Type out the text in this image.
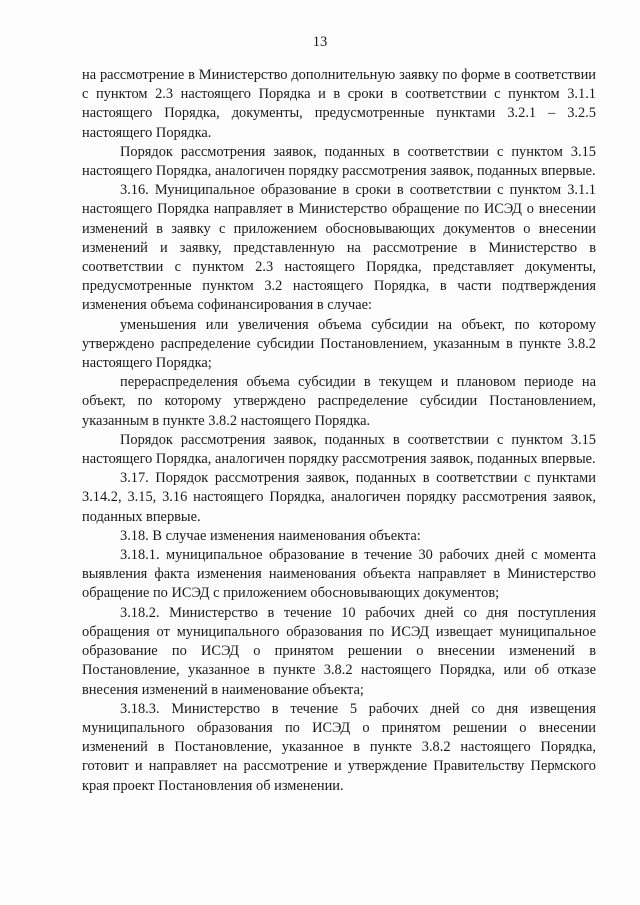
13

на рассмотрение в Министерство дополнительную заявку по форме в соответствии с пунктом 2.3 настоящего Порядка и в сроки в соответствии с пунктом 3.1.1 настоящего Порядка, документы, предусмотренные пунктами 3.2.1 – 3.2.5 настоящего Порядка.

Порядок рассмотрения заявок, поданных в соответствии с пунктом 3.15 настоящего Порядка, аналогичен порядку рассмотрения заявок, поданных впервые.

3.16. Муниципальное образование в сроки в соответствии с пунктом 3.1.1 настоящего Порядка направляет в Министерство обращение по ИСЭД о внесении изменений в заявку с приложением обосновывающих документов о внесении изменений и заявку, представленную на рассмотрение в Министерство в соответствии с пунктом 2.3 настоящего Порядка, представляет документы, предусмотренные пунктом 3.2 настоящего Порядка, в части подтверждения изменения объема софинансирования в случае:

уменьшения или увеличения объема субсидии на объект, по которому утверждено распределение субсидии Постановлением, указанным в пункте 3.8.2 настоящего Порядка;

перераспределения объема субсидии в текущем и плановом периоде на объект, по которому утверждено распределение субсидии Постановлением, указанным в пункте 3.8.2 настоящего Порядка.

Порядок рассмотрения заявок, поданных в соответствии с пунктом 3.15 настоящего Порядка, аналогичен порядку рассмотрения заявок, поданных впервые.

3.17. Порядок рассмотрения заявок, поданных в соответствии с пунктами 3.14.2, 3.15, 3.16 настоящего Порядка, аналогичен порядку рассмотрения заявок, поданных впервые.

3.18. В случае изменения наименования объекта:

3.18.1. муниципальное образование в течение 30 рабочих дней с момента выявления факта изменения наименования объекта направляет в Министерство обращение по ИСЭД с приложением обосновывающих документов;

3.18.2. Министерство в течение 10 рабочих дней со дня поступления обращения от муниципального образования по ИСЭД извещает муниципальное образование по ИСЭД о принятом решении о внесении изменений в Постановление, указанное в пункте 3.8.2 настоящего Порядка, или об отказе внесения изменений в наименование объекта;

3.18.3. Министерство в течение 5 рабочих дней со дня извещения муниципального образования по ИСЭД о принятом решении о внесении изменений в Постановление, указанное в пункте 3.8.2 настоящего Порядка, готовит и направляет на рассмотрение и утверждение Правительству Пермского края проект Постановления об изменении.
